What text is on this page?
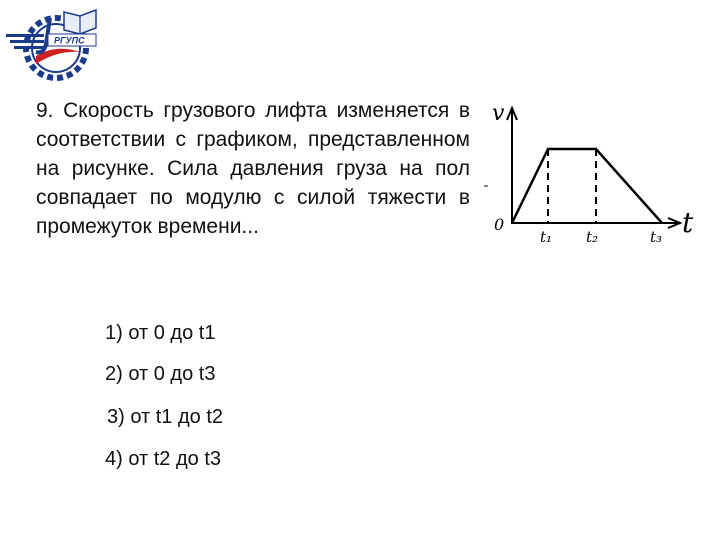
РГУПС
9. Скорость грузового лифта изменяется в соответствии с графиком, представленном на рисунке. Сила давления груза на пол совпадает по модулю с силой тяжести в промежуток времени...
v
t
0
t₁ t₂	t₃
1) от 0 до t1
2) от 0 до t3
3) от t1 до t2
4) от t2 до t3
